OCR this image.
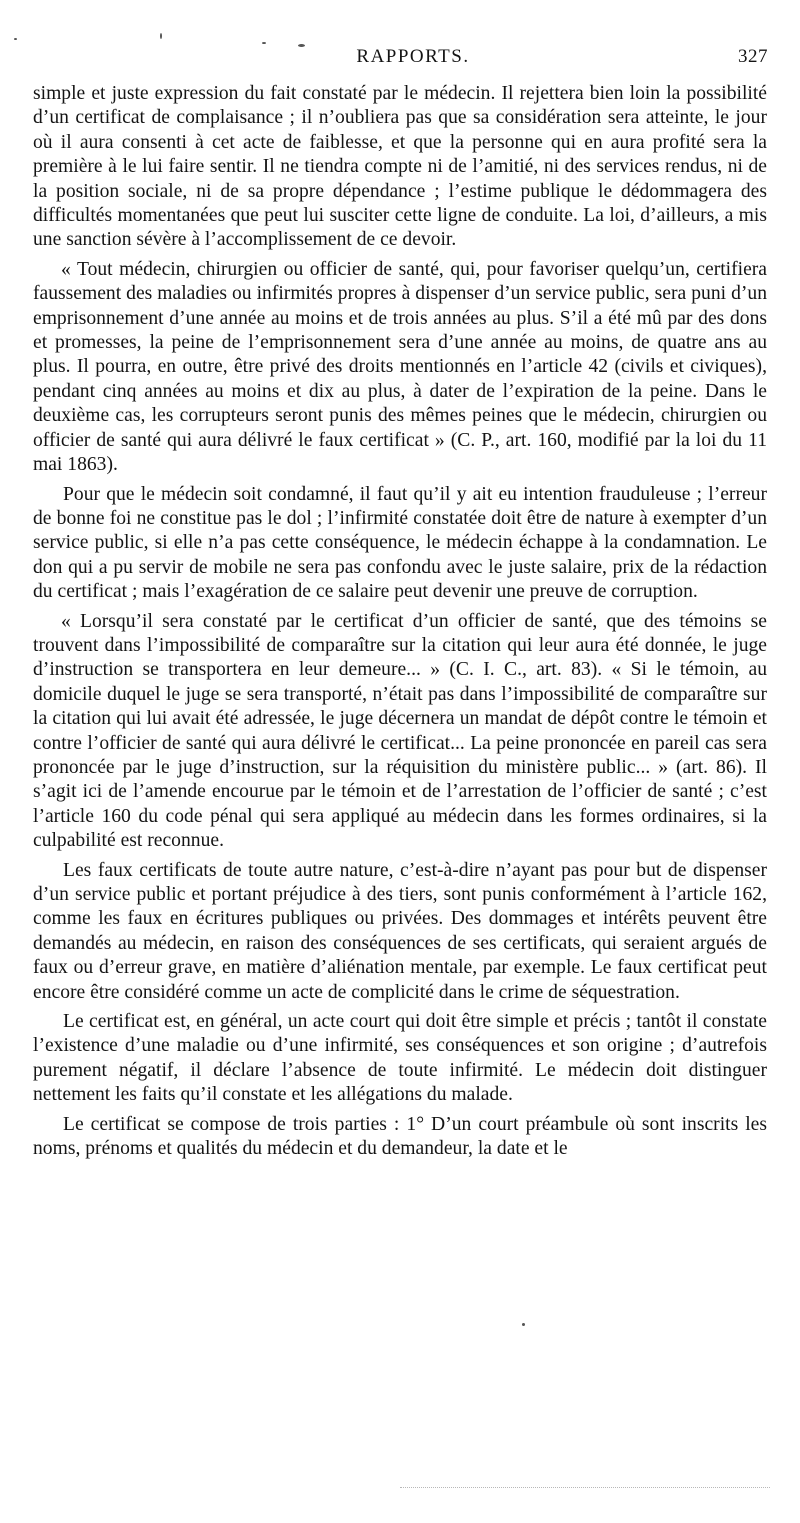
RAPPORTS.	327

simple et juste expression du fait constaté par le médecin. Il rejettera bien loin la possibilité d’un certificat de complaisance ; il n’oubliera pas que sa considération sera atteinte, le jour où il aura consenti à cet acte de faiblesse, et que la personne qui en aura profité sera la première à le lui faire sentir. Il ne tiendra compte ni de l’amitié, ni des services rendus, ni de la position sociale, ni de sa propre dépendance ; l’estime publique le dédommagera des difficultés momentanées que peut lui susciter cette ligne de conduite. La loi, d’ailleurs, a mis une sanction sévère à l’accomplissement de ce devoir.

« Tout médecin, chirurgien ou officier de santé, qui, pour favoriser quelqu’un, certifiera faussement des maladies ou infirmités propres à dispenser d’un service public, sera puni d’un emprisonnement d’une année au moins et de trois années au plus. S’il a été mû par des dons et promesses, la peine de l’emprisonnement sera d’une année au moins, de quatre ans au plus. Il pourra, en outre, être privé des droits mentionnés en l’article 42 (civils et civiques), pendant cinq années au moins et dix au plus, à dater de l’expiration de la peine. Dans le deuxième cas, les corrupteurs seront punis des mêmes peines que le médecin, chirurgien ou officier de santé qui aura délivré le faux certificat » (C. P., art. 160, modifié par la loi du 11 mai 1863).

Pour que le médecin soit condamné, il faut qu’il y ait eu intention frauduleuse ; l’erreur de bonne foi ne constitue pas le dol ; l’infirmité constatée doit être de nature à exempter d’un service public, si elle n’a pas cette conséquence, le médecin échappe à la condamnation. Le don qui a pu servir de mobile ne sera pas confondu avec le juste salaire, prix de la rédaction du certificat ; mais l’exagération de ce salaire peut devenir une preuve de corruption.

« Lorsqu’il sera constaté par le certificat d’un officier de santé, que des témoins se trouvent dans l’impossibilité de comparaître sur la citation qui leur aura été donnée, le juge d’instruction se transportera en leur demeure... » (C. I. C., art. 83). « Si le témoin, au domicile duquel le juge se sera transporté, n’était pas dans l’impossibilité de comparaître sur la citation qui lui avait été adressée, le juge décernera un mandat de dépôt contre le témoin et contre l’officier de santé qui aura délivré le certificat... La peine prononcée en pareil cas sera prononcée par le juge d’instruction, sur la réquisition du ministère public... » (art. 86). Il s’agit ici de l’amende encourue par le témoin et de l’arrestation de l’officier de santé ; c’est l’article 160 du code pénal qui sera appliqué au médecin dans les formes ordinaires, si la culpabilité est reconnue.

Les faux certificats de toute autre nature, c’est-à-dire n’ayant pas pour but de dispenser d’un service public et portant préjudice à des tiers, sont punis conformément à l’article 162, comme les faux en écritures publiques ou privées. Des dommages et intérêts peuvent être demandés au médecin, en raison des conséquences de ses certificats, qui seraient argués de faux ou d’erreur grave, en matière d’aliénation mentale, par exemple. Le faux certificat peut encore être considéré comme un acte de complicité dans le crime de séquestration.

Le certificat est, en général, un acte court qui doit être simple et précis ; tantôt il constate l’existence d’une maladie ou d’une infirmité, ses conséquences et son origine ; d’autrefois purement négatif, il déclare l’absence de toute infirmité. Le médecin doit distinguer nettement les faits qu’il constate et les allégations du malade.

Le certificat se compose de trois parties : 1° D’un court préambule où sont inscrits les noms, prénoms et qualités du médecin et du demandeur, la date et le
